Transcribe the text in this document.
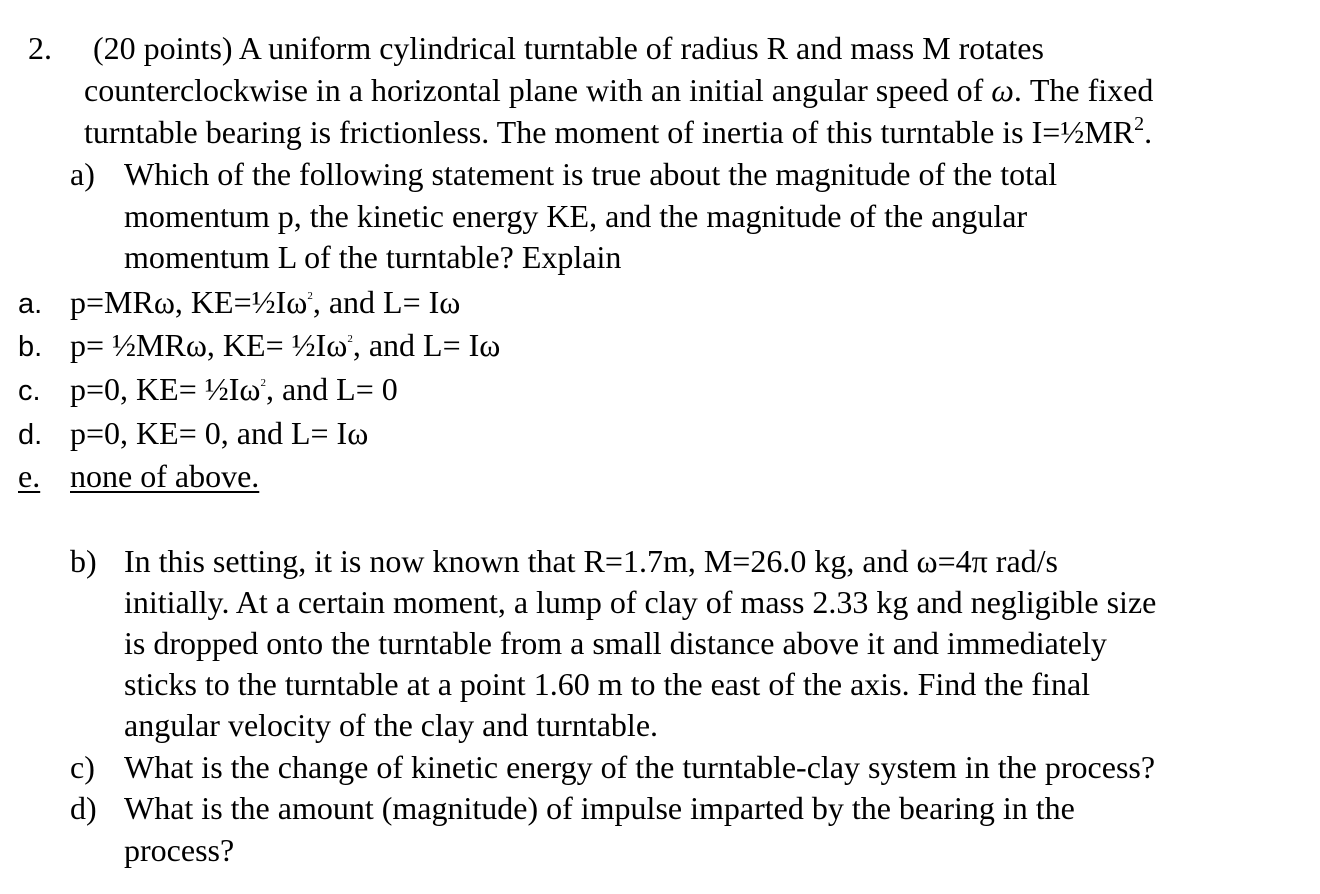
2. (20 points) A uniform cylindrical turntable of radius R and mass M rotates
counterclockwise in a horizontal plane with an initial angular speed of ω. The fixed
turntable bearing is frictionless. The moment of inertia of this turntable is $I=\frac{1}{2}MR^2$.
a) Which of the following statement is true about the magnitude of the total
momentum p, the kinetic energy KE, and the magnitude of the angular
momentum L of the turntable? Explain
a. p=MRω, $KE=\frac{1}{2}I\omega^2$, and L= Iω
b. p= ½MRω, $KE= \frac{1}{2}I\omega^2$, and L= Iω
c. p=0, $KE= \frac{1}{2}I\omega^2$, and L= 0
d. p=0, KE= 0, and L= Iω
e. none of above.
b) In this setting, it is now known that R=1.7m, M=26.0 kg, and ω=4π rad/s
initially. At a certain moment, a lump of clay of mass 2.33 kg and negligible size
is dropped onto the turntable from a small distance above it and immediately
sticks to the turntable at a point 1.60 m to the east of the axis. Find the final
angular velocity of the clay and turntable.
c) What is the change of kinetic energy of the turntable-clay system in the process?
d) What is the amount (magnitude) of impulse imparted by the bearing in the
process?
